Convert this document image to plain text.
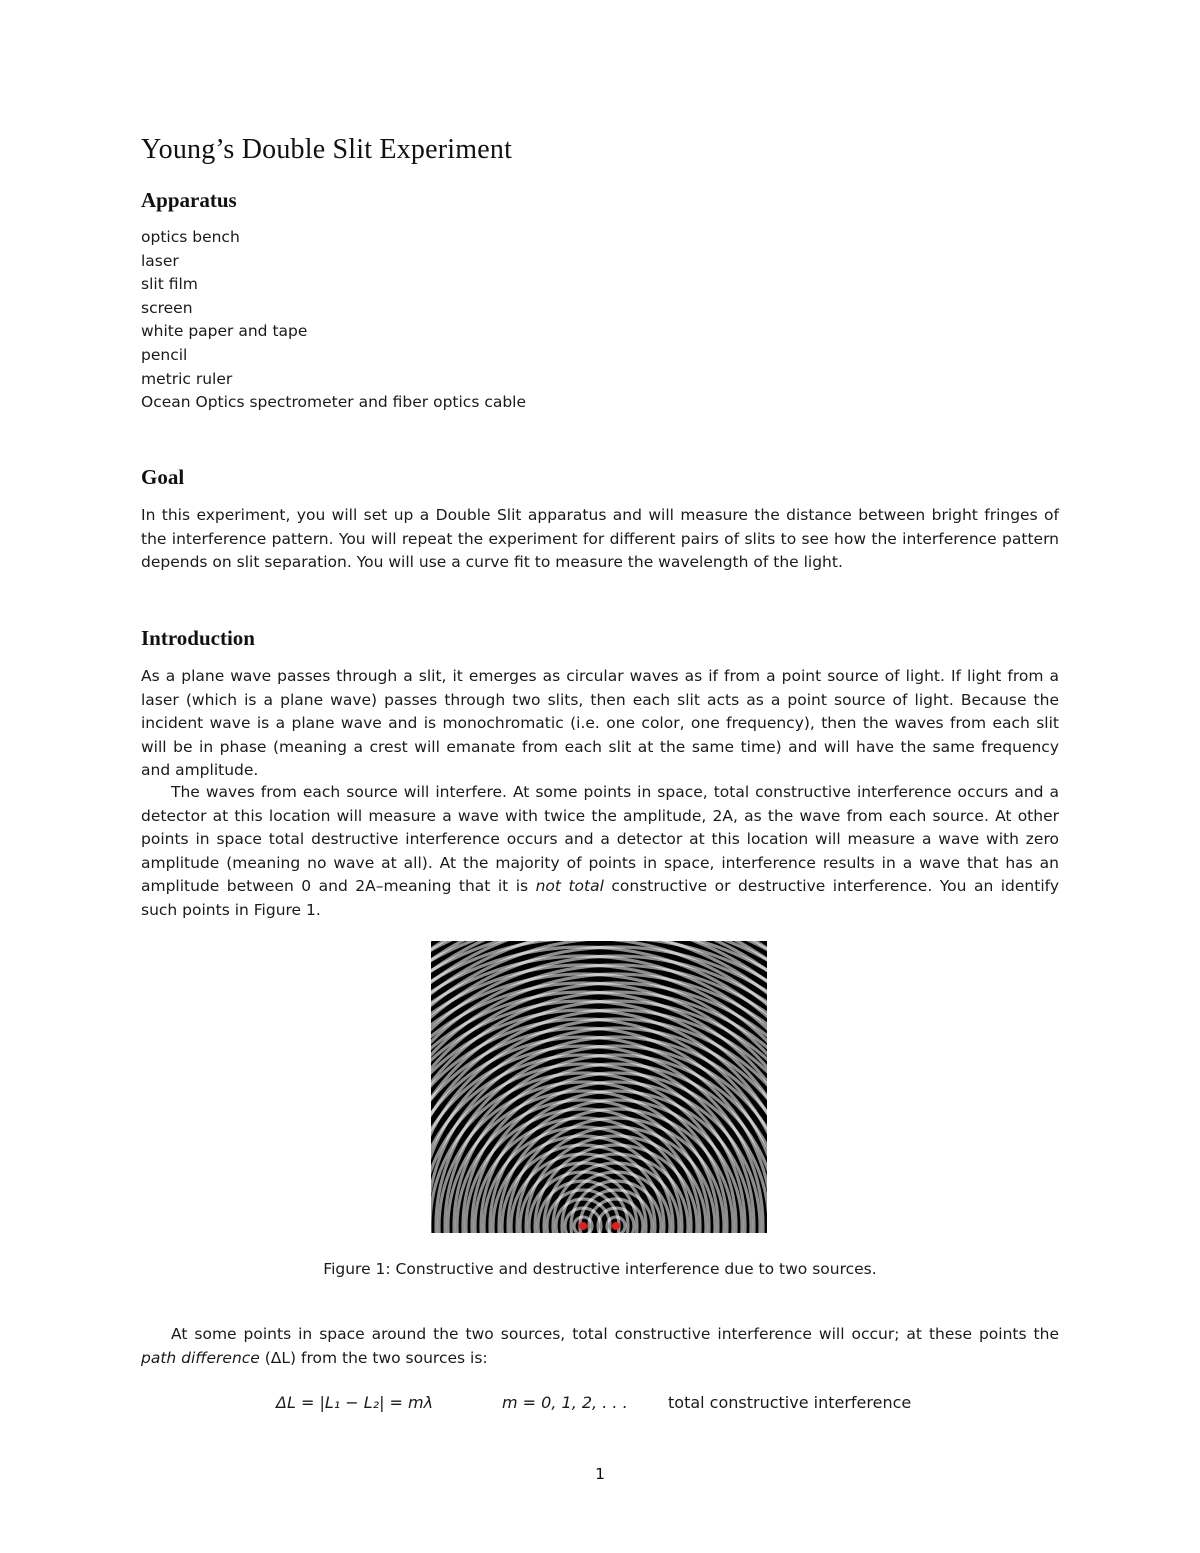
Young’s Double Slit Experiment
Apparatus
optics bench
laser
slit film
screen
white paper and tape
pencil
metric ruler
Ocean Optics spectrometer and fiber optics cable
Goal

In this experiment, you will set up a Double Slit apparatus and will measure the distance between bright fringes of the interference pattern. You will repeat the experiment for different pairs of slits to see how the interference pattern depends on slit separation. You will use a curve fit to measure the wavelength of the light.

Introduction

As a plane wave passes through a slit, it emerges as circular waves as if from a point source of light. If light from a laser (which is a plane wave) passes through two slits, then each slit acts as a point source of light. Because the incident wave is a plane wave and is monochromatic (i.e. one color, one frequency), then the waves from each slit will be in phase (meaning a crest will emanate from each slit at the same time) and will have the same frequency and amplitude.

The waves from each source will interfere. At some points in space, total constructive interference occurs and a detector at this location will measure a wave with twice the amplitude, 2A, as the wave from each source. At other points in space total destructive interference occurs and a detector at this location will measure a wave with zero amplitude (meaning no wave at all). At the majority of points in space, interference results in a wave that has an amplitude between 0 and 2A–meaning that it is not total constructive or destructive interference. You an identify such points in Figure 1.

Figure 1: Constructive and destructive interference due to two sources.

At some points in space around the two sources, total constructive interference will occur; at these points the path difference (ΔL) from the two sources is:

ΔL = |L₁ − L₂| = mλ	m = 0, 1, 2, . . .	total constructive interference
1
